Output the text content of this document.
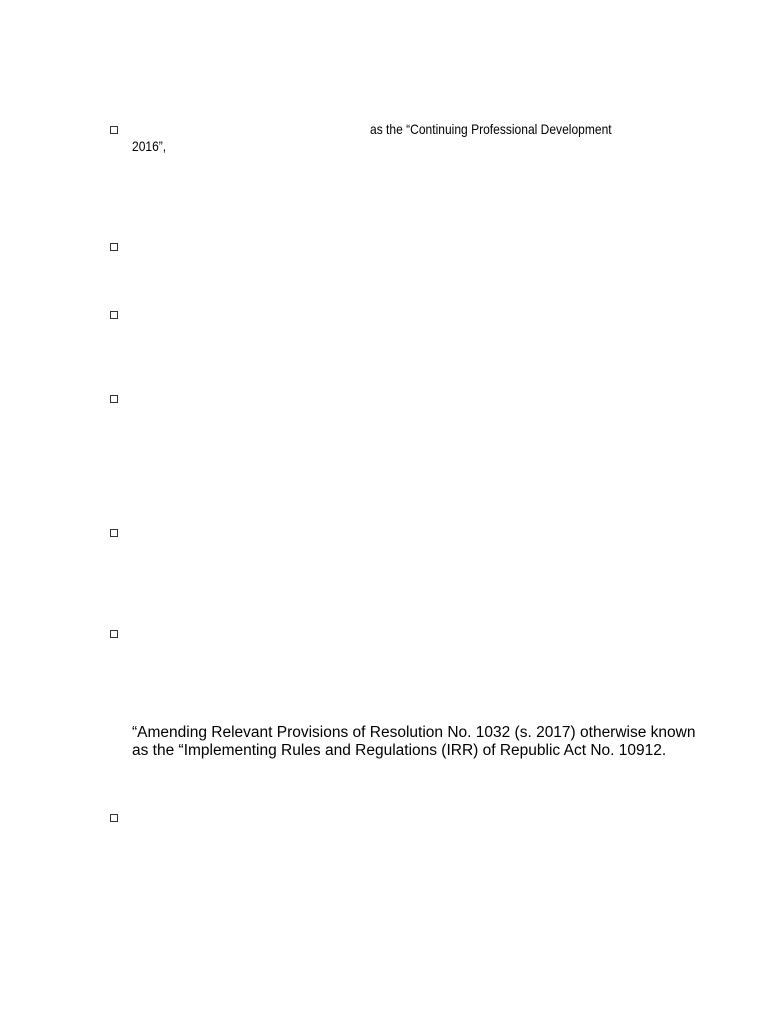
as the “Continuing Professional Development
2016”,
“Amending Relevant Provisions of Resolution No. 1032 (s. 2017) otherwise known
as the “Implementing Rules and Regulations (IRR) of Republic Act No. 10912.
